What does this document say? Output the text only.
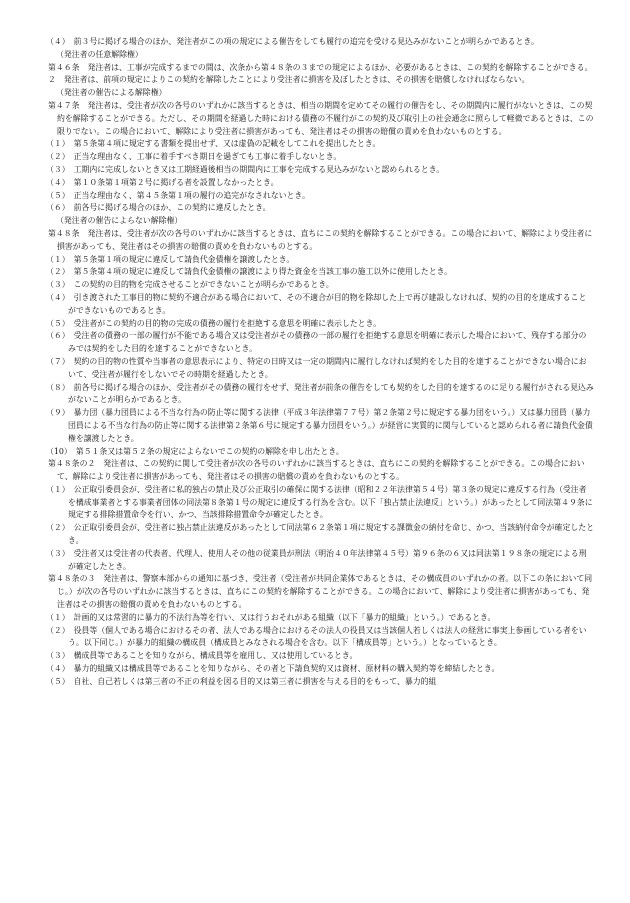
（４）　前３号に掲げる場合のほか、発注者がこの項の規定による催告をしても履行の追完を受ける見込みがないことが明らかであるとき。

（発注者の任意解除権）

第４６条　発注者は、工事が完成するまでの間は、次条から第４８条の３までの規定によるほか、必要があるときは、この契約を解除することができる。

２　発注者は、前項の規定によりこの契約を解除したことにより受注者に損害を及ぼしたときは、その損害を賠償しなければならない。

（発注者の催告による解除権）

第４７条　発注者は、受注者が次の各号のいずれかに該当するときは、相当の期間を定めてその履行の催告をし、その期間内に履行がないときは、この契約を解除することができる。ただし、その期間を経過した時における債務の不履行がこの契約及び取引上の社会通念に照らして軽微であるときは、この限りでない。この場合において、解除により受注者に損害があっても、発注者はその損害の賠償の責めを負わないものとする。

（１）　第５条第４項に規定する書類を提出せず、又は虚偽の記載をしてこれを提出したとき。

（２）　正当な理由なく、工事に着手すべき期日を過ぎても工事に着手しないとき。

（３）　工期内に完成しないとき又は工期経過後相当の期間内に工事を完成する見込みがないと認められるとき。

（４）　第１０条第１項第２号に掲げる者を設置しなかったとき。

（５）　正当な理由なく、第４５条第１項の履行の追完がなされないとき。

（６）　前各号に掲げる場合のほか、この契約に違反したとき。

（発注者の催告によらない解除権）

第４８条　発注者は、受注者が次の各号のいずれかに該当するときは、直ちにこの契約を解除することができる。この場合において、解除により受注者に損害があっても、発注者はその損害の賠償の責めを負わないものとする。

（１）　第５条第１項の規定に違反して請負代金債権を譲渡したとき。

（２）　第５条第４項の規定に違反して請負代金債権の譲渡により得た資金を当該工事の施工以外に使用したとき。

（３）　この契約の目的物を完成させることができないことが明らかであるとき。

（４）　引き渡された工事目的物に契約不適合がある場合において、その不適合が目的物を除却した上で再び建設しなければ、契約の目的を達成することができないものであるとき。

（５）　受注者がこの契約の目的物の完成の債務の履行を拒絶する意思を明確に表示したとき。

（６）　受注者の債務の一部の履行が不能である場合又は受注者がその債務の一部の履行を拒絶する意思を明確に表示した場合において、残存する部分のみでは契約をした目的を達することができないとき。

（７）　契約の目的物の性質や当事者の意思表示により、特定の日時又は一定の期間内に履行しなければ契約をした目的を達することができない場合において、受注者が履行をしないでその時期を経過したとき。

（８）　前各号に掲げる場合のほか、受注者がその債務の履行をせず、発注者が前条の催告をしても契約をした目的を達するのに足りる履行がされる見込みがないことが明らかであるとき。

（９）　暴力団（暴力団員による不当な行為の防止等に関する法律（平成３年法律第７７号）第２条第２号に規定する暴力団をいう。）又は暴力団員（暴力団員による不当な行為の防止等に関する法律第２条第６号に規定する暴力団員をいう。）が経営に実質的に関与していると認められる者に請負代金債権を譲渡したとき。

（10）　第５１条又は第５２条の規定によらないでこの契約の解除を申し出たとき。

第４８条の２　発注者は、この契約に関して受注者が次の各号のいずれかに該当するときは、直ちにこの契約を解除することができる。この場合において、解除により受注者に損害があっても、発注者はその損害の賠償の責めを負わないものとする。

（１）　公正取引委員会が、受注者に私的独占の禁止及び公正取引の確保に関する法律（昭和２２年法律第５４号）第３条の規定に違反する行為（受注者を構成事業者とする事業者団体の同法第８条第１号の規定に違反する行為を含む。以下「独占禁止法違反」という。）があったとして同法第４９条に規定する排除措置命令を行い、かつ、当該排除措置命令が確定したとき。

（２）　公正取引委員会が、受注者に独占禁止法違反があったとして同法第６２条第１項に規定する課徴金の納付を命じ、かつ、当該納付命令が確定したとき。

（３）　受注者又は受注者の代表者、代理人、使用人その他の従業員が刑法（明治４０年法律第４５号）第９６条の６又は同法第１９８条の規定による刑が確定したとき。

第４８条の３　発注者は、警察本部からの通知に基づき、受注者（受注者が共同企業体であるときは、その構成員のいずれかの者。以下この条において同じ。）が次の各号のいずれかに該当するときは、直ちにこの契約を解除することができる。この場合において、解除により受注者に損害があっても、発注者はその損害の賠償の責めを負わないものとする。

（１）　計画的又は常習的に暴力的不法行為等を行い、又は行うおそれがある組織（以下「暴力的組織」という。）であるとき。

（２）　役員等（個人である場合におけるその者、法人である場合におけるその法人の役員又は当該個人若しくは法人の経営に事実上参画している者をいう。以下同じ。）が暴力的組織の構成員（構成員とみなされる場合を含む。以下「構成員等」という。）となっているとき。

（３）　構成員等であることを知りながら、構成員等を雇用し、又は使用しているとき。

（４）　暴力的組織又は構成員等であることを知りながら、その者と下請負契約又は資材、原材料の購入契約等を締結したとき。

（５）　自社、自己若しくは第三者の不正の利益を図る目的又は第三者に損害を与える目的をもって、暴力的組
